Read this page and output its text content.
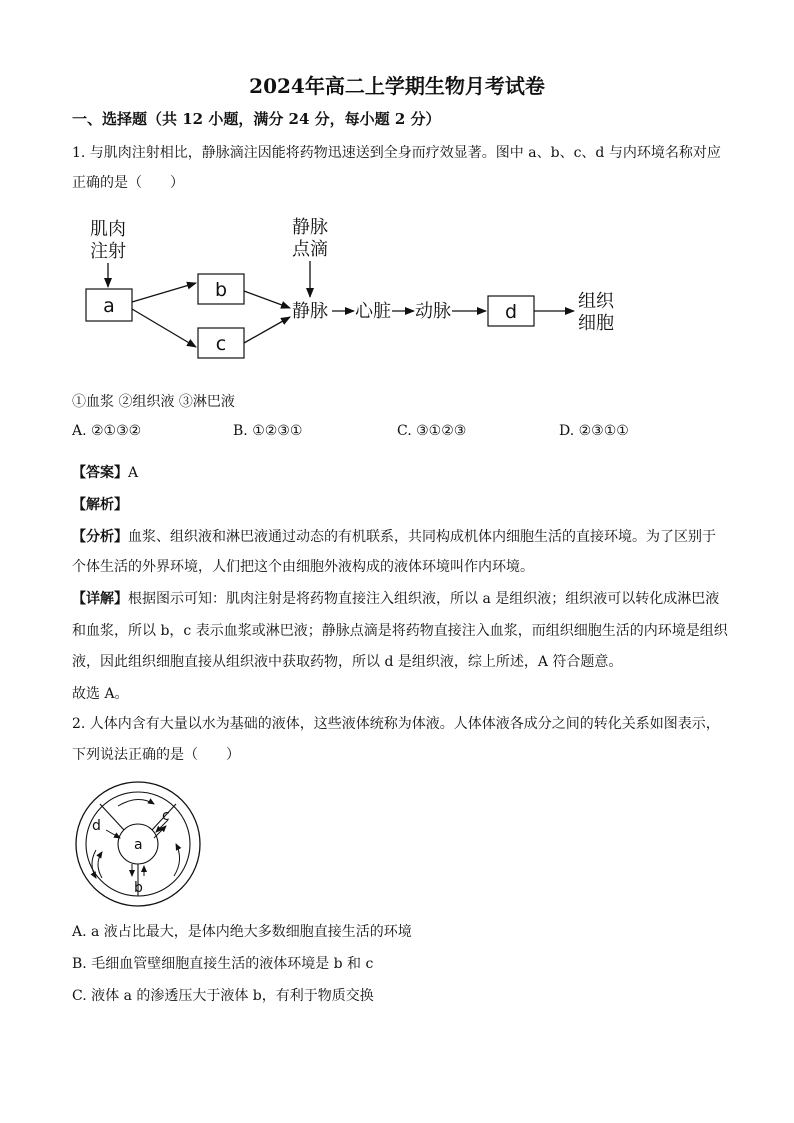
2024年高二上学期生物月考试卷
一、选择题（共 12 小题，满分 24 分，每小题 2 分）
1. 与肌肉注射相比，静脉滴注因能将药物迅速送到全身而疗效显著。图中 a、b、c、d 与内环境名称对应
正确的是（　　）
肌肉
注射
静脉
点滴
静脉 心脏 动脉	组织
细胞
a
b
c
d
①血浆 ②组织液 ③淋巴液
A. ②①③②	B. ①②③①	C. ③①②③	D. ②③①①
【答案】A
【解析】
【分析】血浆、组织液和淋巴液通过动态的有机联系，共同构成机体内细胞生活的直接环境。为了区别于
个体生活的外界环境，人们把这个由细胞外液构成的液体环境叫作内环境。
【详解】根据图示可知：肌肉注射是将药物直接注入组织液，所以 a 是组织液；组织液可以转化成淋巴液
和血浆，所以 b，c 表示血浆或淋巴液；静脉点滴是将药物直接注入血浆，而组织细胞生活的内环境是组织
液，因此组织细胞直接从组织液中获取药物，所以 d 是组织液，综上所述，A 符合题意。
故选 A。
2. 人体内含有大量以水为基础的液体，这些液体统称为体液。人体体液各成分之间的转化关系如图表示，
下列说法正确的是（　　）
a
b
c
d
A. a 液占比最大，是体内绝大多数细胞直接生活的环境
B. 毛细血管壁细胞直接生活的液体环境是 b 和 c
C. 液体 a 的渗透压大于液体 b，有利于物质交换
